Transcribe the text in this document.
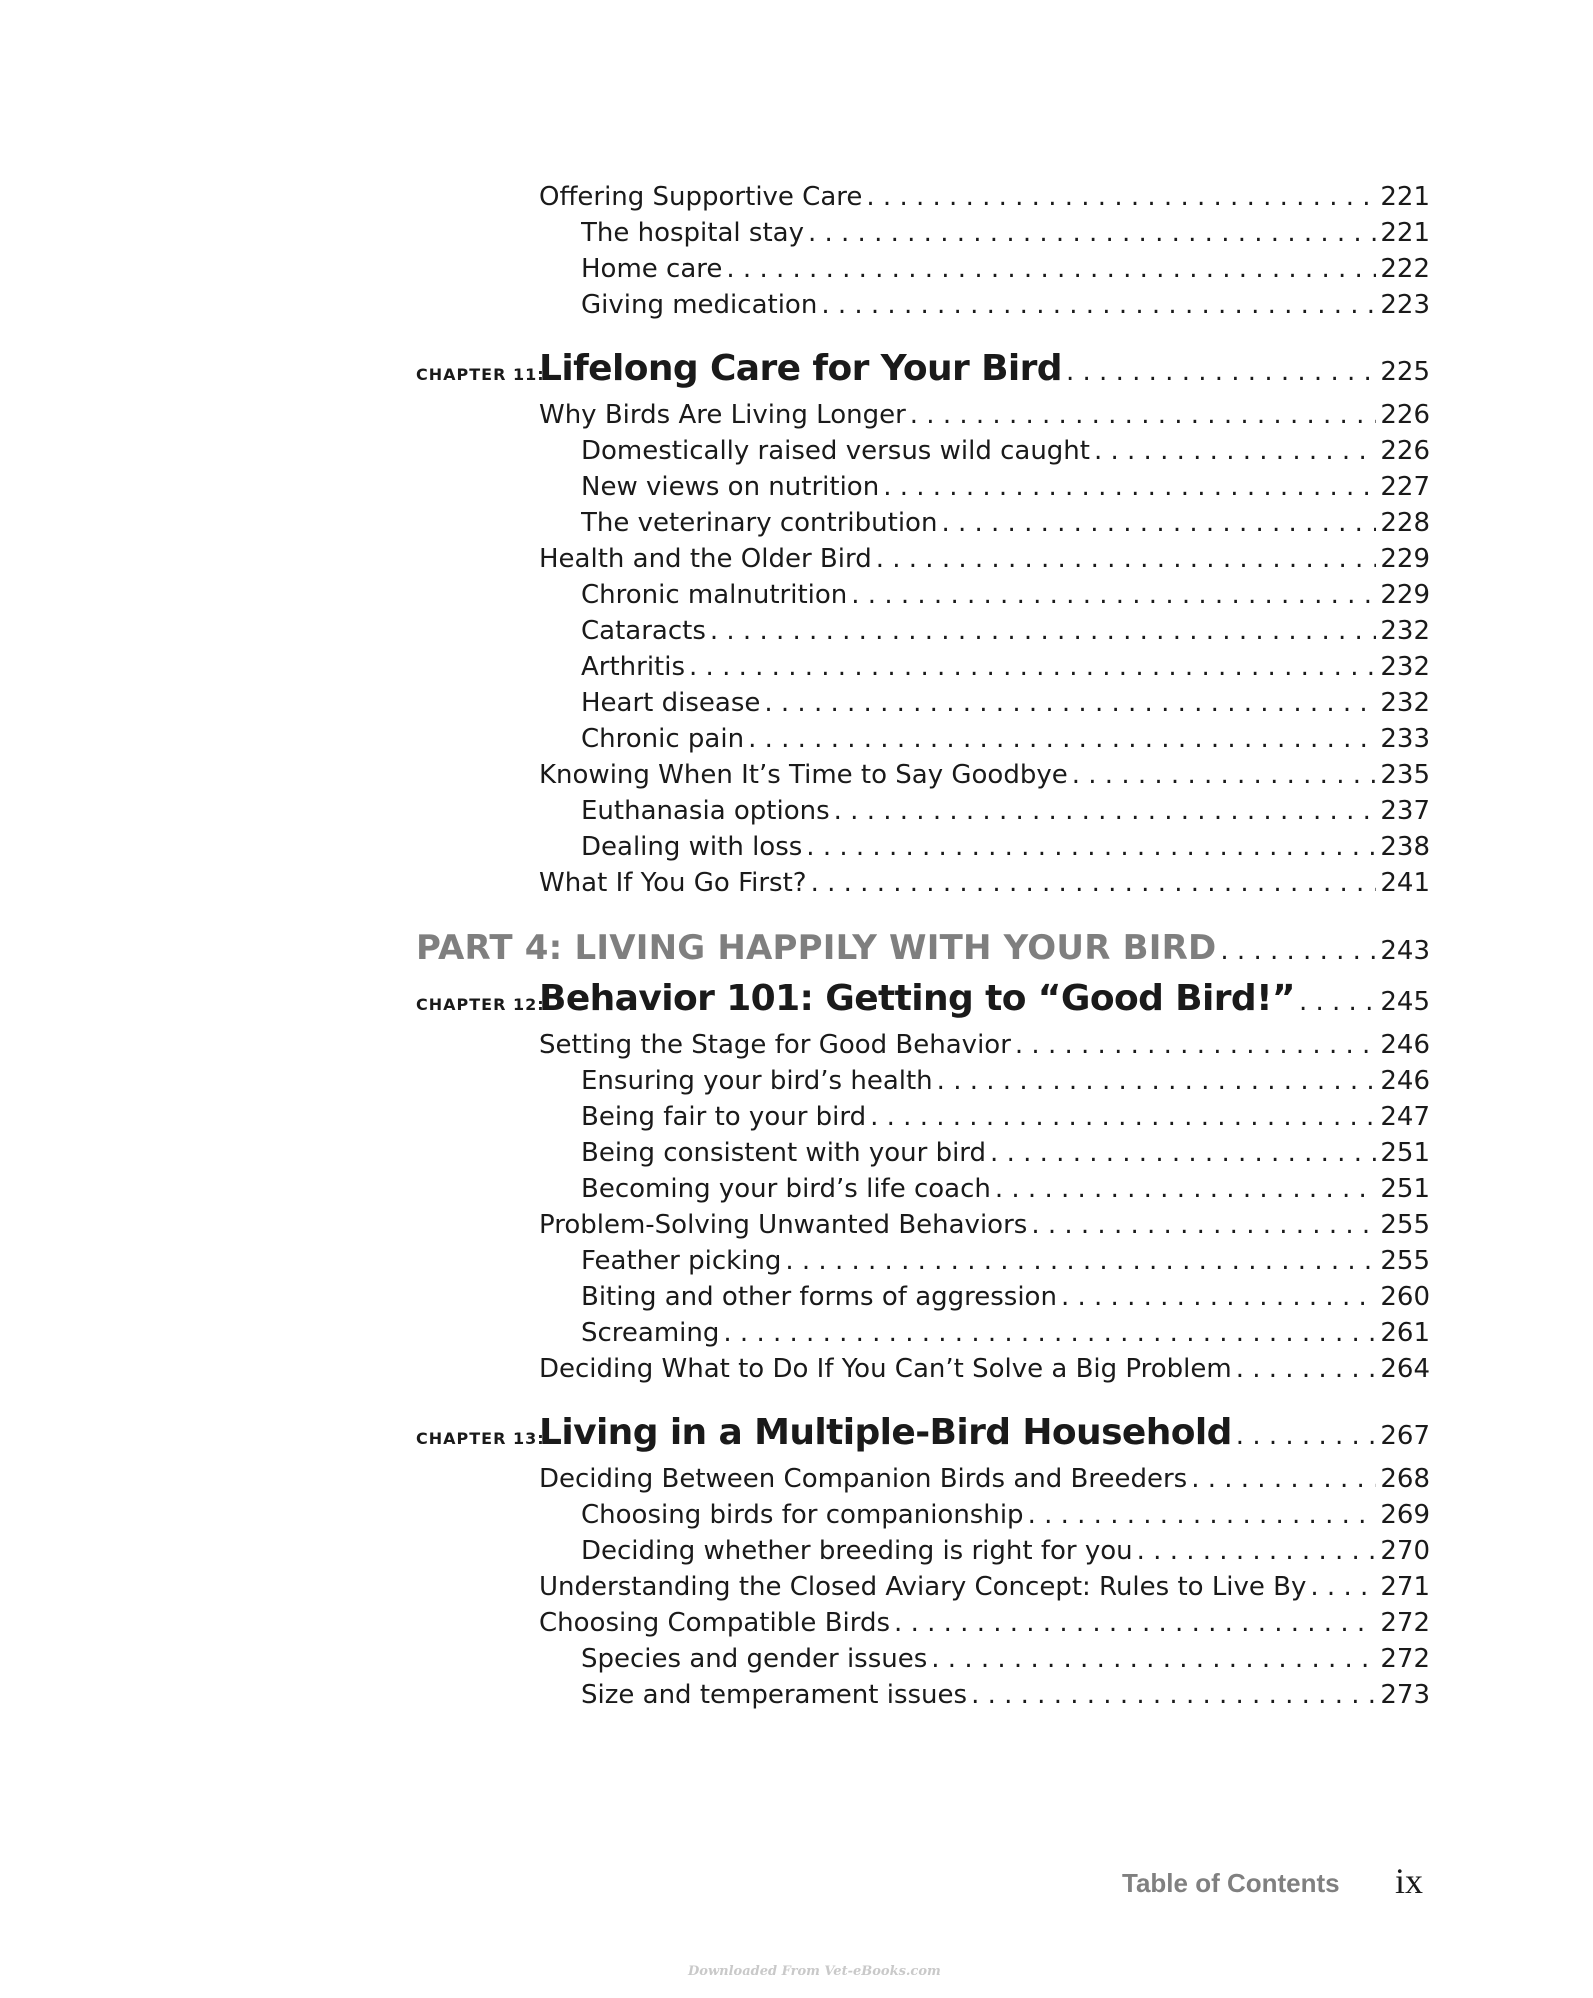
Offering Supportive Care . . .	221
The hospital stay . . .	221
Home care . . .	222
Giving medication . . .	223
CHAPTER 11:
Lifelong Care for Your Bird . . .	225
Why Birds Are Living Longer . . .	226
Domestically raised versus wild caught . . .	226
New views on nutrition . . .	227
The veterinary contribution . . .	228
Health and the Older Bird . . .	229
Chronic malnutrition . . .	229
Cataracts . . .	232
Arthritis . . .	232
Heart disease . . .	232
Chronic pain . . .	233
Knowing When It’s Time to Say Goodbye . . .	235
Euthanasia options . . .	237
Dealing with loss . . .	238
What If You Go First? . . .	241
PART 4: LIVING HAPPILY WITH YOUR BIRD . . .	243
CHAPTER 12:
Behavior 101: Getting to “Good Bird!” . . .	245
Setting the Stage for Good Behavior . . .	246
Ensuring your bird’s health . . .	246
Being fair to your bird . . .	247
Being consistent with your bird . . .	251
Becoming your bird’s life coach . . .	251
Problem-Solving Unwanted Behaviors . . .	255
Feather picking . . .	255
Biting and other forms of aggression . . .	260
Screaming . . .	261
Deciding What to Do If You Can’t Solve a Big Problem . . .	264
CHAPTER 13:
Living in a Multiple-Bird Household . . .	267
Deciding Between Companion Birds and Breeders . . .	268
Choosing birds for companionship . . .	269
Deciding whether breeding is right for you . . .	270
Understanding the Closed Aviary Concept: Rules to Live By . . .	271
Choosing Compatible Birds . . .	272
Species and gender issues . . .	272
Size and temperament issues . . .	273
Table of Contents ix
Downloaded From Vet-eBooks.com
